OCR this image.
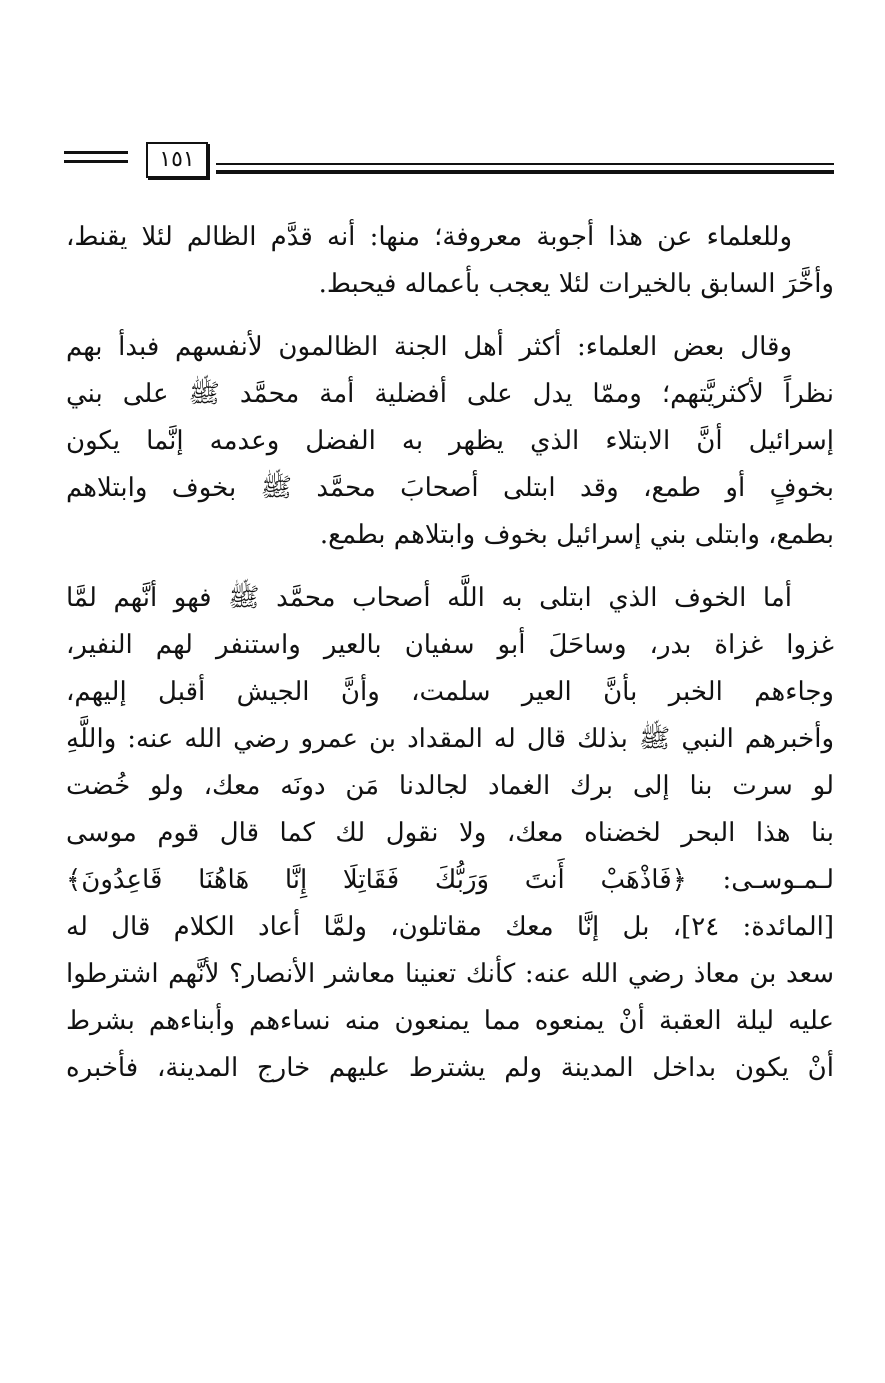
١٥١

وللعلماء عن هذا أجوبة معروفة؛ منها: أنه قدَّم الظالم لئلا يقنط،
وأخَّرَ السابق بالخيرات لئلا يعجب بأعماله فيحبط.

وقال بعض العلماء: أكثر أهل الجنة الظالمون لأنفسهم فبدأ بهم
نظراً لأكثريَّتهم؛ وممّا يدل على أفضلية أمة محمَّد ﷺ على بني
إسرائيل أنَّ الابتلاء الذي يظهر به الفضل وعدمه إنَّما يكون
بخوفٍ أو طمع، وقد ابتلى أصحابَ محمَّد ﷺ بخوف وابتلاهم
بطمع، وابتلى بني إسرائيل بخوف وابتلاهم بطمع.

أما الخوف الذي ابتلى به اللَّه أصحاب محمَّد ﷺ فهو أنَّهم لمَّا
غزوا غزاة بدر، وساحَلَ أبو سفيان بالعير واستنفر لهم النفير،
وجاءهم الخبر بأنَّ العير سلمت، وأنَّ الجيش أقبل إليهم،
وأخبرهم النبي ﷺ بذلك قال له المقداد بن عمرو رضي الله عنه: واللَّهِ
لو سرت بنا إلى برك الغماد لجالدنا مَن دونَه معك، ولو خُضت
بنا هذا البحر لخضناه معك، ولا نقول لك كما قال قوم موسى
لـمـوسـى: ﴿فَاذْهَبْ أَنتَ وَرَبُّكَ فَقَاتِلَا إِنَّا هَاهُنَا قَاعِدُونَ﴾
[المائدة: ٢٤]، بل إنَّا معك مقاتلون، ولمَّا أعاد الكلام قال له
سعد بن معاذ رضي الله عنه: كأنك تعنينا معاشر الأنصار؟ لأنَّهم اشترطوا
عليه ليلة العقبة أنْ يمنعوه مما يمنعون منه نساءهم وأبناءهم بشرط
أنْ يكون بداخل المدينة ولم يشترط عليهم خارج المدينة، فأخبره
